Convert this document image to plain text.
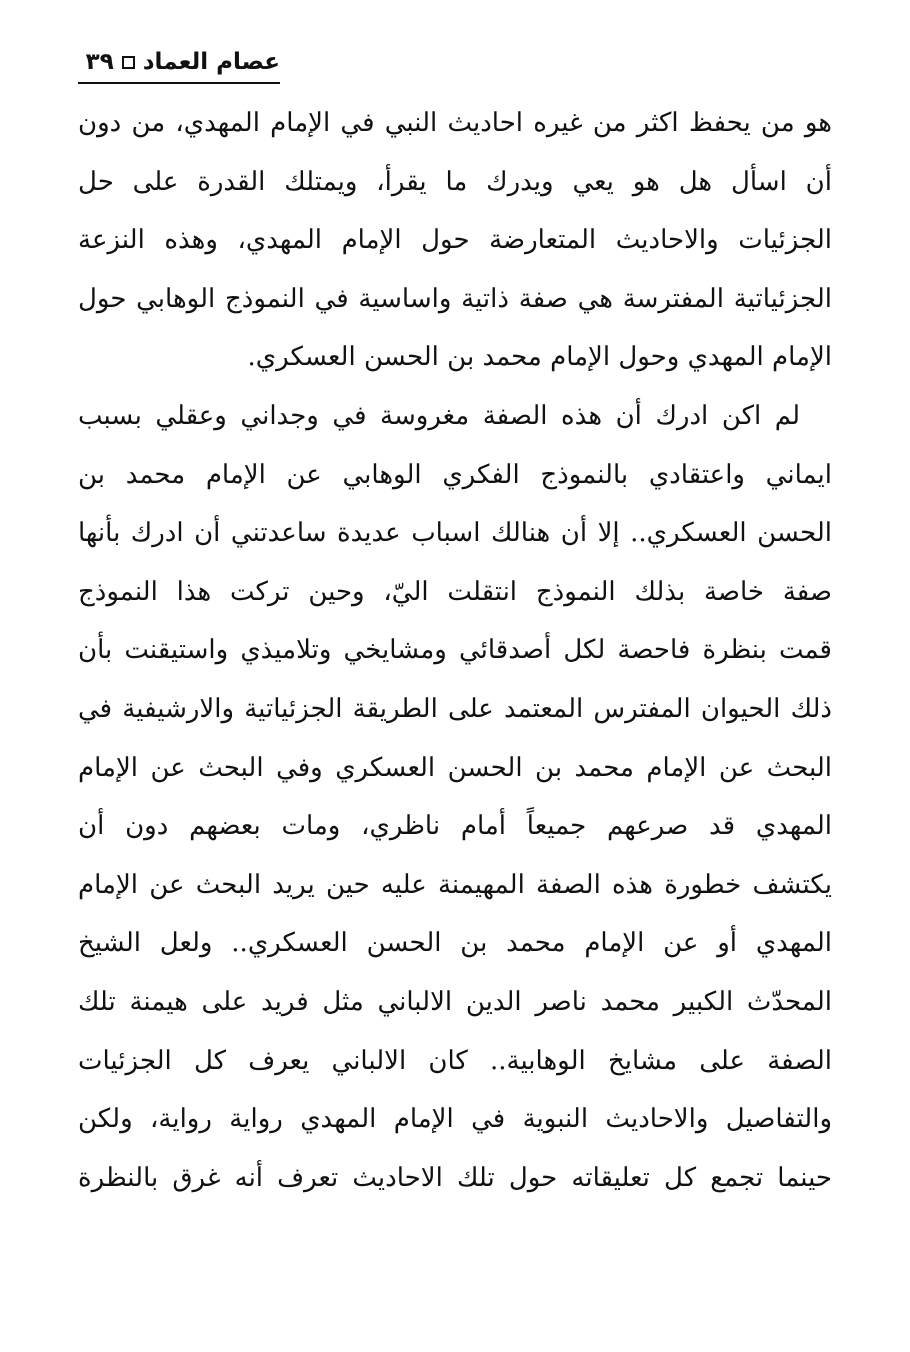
عصام العماد
٣٩
هو من يحفظ اكثر من غيره احاديث النبي في الإمام المهدي، من دون
أن اسأل هل هو يعي ويدرك ما يقرأ، ويمتلك القدرة على حل
الجزئيات والاحاديث المتعارضة حول الإمام المهدي، وهذه النزعة
الجزئياتية المفترسة هي صفة ذاتية واساسية في النموذج الوهابي حول
الإمام المهدي وحول الإمام محمد بن الحسن العسكري.
لم اكن ادرك أن هذه الصفة مغروسة في وجداني وعقلي بسبب
ايماني واعتقادي بالنموذج الفكري الوهابي عن الإمام محمد بن
الحسن العسكري.. إلا أن هنالك اسباب عديدة ساعدتني أن ادرك بأنها
صفة خاصة بذلك النموذج انتقلت اليّ، وحين تركت هذا النموذج
قمت بنظرة فاحصة لكل أصدقائي ومشايخي وتلاميذي واستيقنت بأن
ذلك الحيوان المفترس المعتمد على الطريقة الجزئياتية والارشيفية في
البحث عن الإمام محمد بن الحسن العسكري وفي البحث عن الإمام
المهدي قد صرعهم جميعاً أمام ناظري، ومات بعضهم دون أن
يكتشف خطورة هذه الصفة المهيمنة عليه حين يريد البحث عن الإمام
المهدي أو عن الإمام محمد بن الحسن العسكري.. ولعل الشيخ
المحدّث الكبير محمد ناصر الدين الالباني مثل فريد على هيمنة تلك
الصفة على مشايخ الوهابية.. كان الالباني يعرف كل الجزئيات
والتفاصيل والاحاديث النبوية في الإمام المهدي رواية رواية، ولكن
حينما تجمع كل تعليقاته حول تلك الاحاديث تعرف أنه غرق بالنظرة
